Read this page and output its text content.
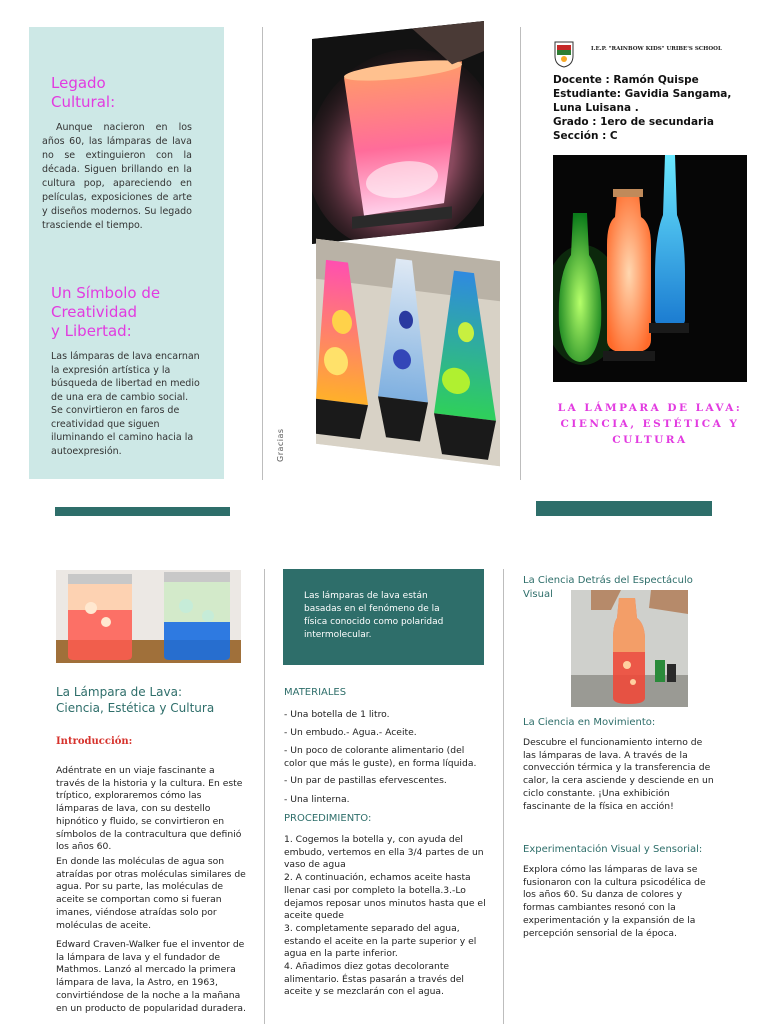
Legado
Cultural:
Aunque nacieron en los años 60, las lámparas de lava no se extinguieron con la década. Siguen brillando en la cultura pop, apareciendo en películas, exposiciones de arte y diseños modernos. Su legado trasciende el tiempo.
Un Símbolo de
Creatividad
y Libertad:
Las lámparas de lava encarnan la expresión artística y la búsqueda de libertad en medio de una era de cambio social. Se convirtieron en faros de creatividad que siguen iluminando el camino hacia la autoexpresión.	Gracias
I.E.P. "RAINBOW KIDS" URIBE'S SCHOOL
Docente : Ramón Quispe
Estudiante: Gavidia Sangama, Luna Luisana .
Grado : 1ero de secundaria
Sección : C
LA LÁMPARA DE LAVA: CIENCIA, ESTÉTICA Y CULTURA
La Lámpara de Lava:
Ciencia, Estética y Cultura
Introducción:
Adéntrate en un viaje fascinante a través de la historia y la cultura. En este tríptico, exploraremos cómo las lámparas de lava, con su destello hipnótico y fluido, se convirtieron en símbolos de la contracultura que definió los años 60.
En donde las moléculas de agua son atraídas por otras moléculas similares de agua. Por su parte, las moléculas de aceite se comportan como si fueran imanes, viéndose atraídas solo por moléculas de aceite.
Edward Craven-Walker fue el inventor de la lámpara de lava y el fundador de Mathmos. Lanzó al mercado la primera lámpara de lava, la Astro, en 1963, convirtiéndose de la noche a la mañana en un producto de popularidad duradera.
Las lámparas de lava están basadas en el fenómeno de la física conocido como polaridad intermolecular.
MATERIALES
- Una botella de 1 litro.
- Un embudo.- Agua.- Aceite.
- Un poco de colorante alimentario (del color que más le guste), en forma líquida.
- Un par de pastillas efervescentes.
- Una linterna.
PROCEDIMIENTO:
1. Cogemos la botella y, con ayuda del embudo, vertemos en ella 3/4 partes de un vaso de agua
2. A continuación, echamos aceite hasta llenar casi por completo la botella.3.-Lo dejamos reposar unos minutos hasta que el aceite quede
3. completamente separado del agua, estando el aceite en la parte superior y el agua en la parte inferior.
4. Añadimos diez gotas decolorante alimentario. Éstas pasarán a través del aceite y se mezclarán con el agua.
La Ciencia Detrás del Espectáculo Visual
La Ciencia en Movimiento:
Descubre el funcionamiento interno de las lámparas de lava. A través de la convección térmica y la transferencia de calor, la cera asciende y desciende en un ciclo constante. ¡Una exhibición fascinante de la física en acción!
Experimentación Visual y Sensorial:
Explora cómo las lámparas de lava se fusionaron con la cultura psicodélica de los años 60. Su danza de colores y formas cambiantes resonó con la experimentación y la expansión de la percepción sensorial de la época.
